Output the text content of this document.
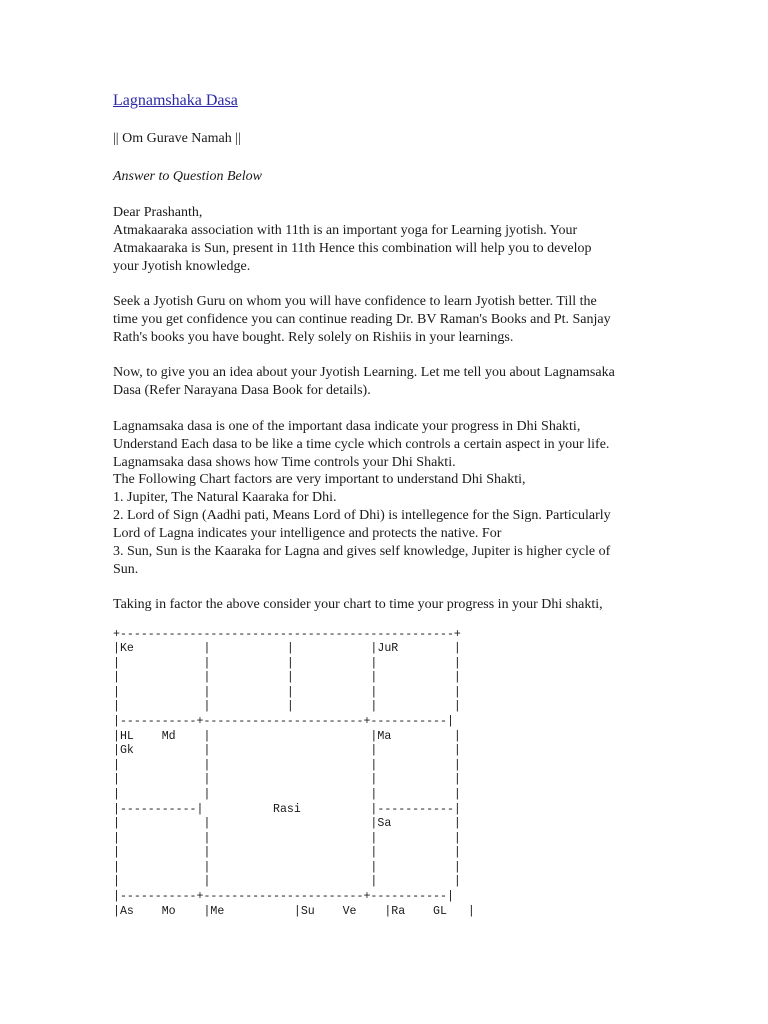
Lagnamshaka Dasa
|| Om Gurave Namah ||
Answer to Question Below
Dear Prashanth,
Atmakaaraka association with 11th is an important yoga for Learning jyotish. Your
Atmakaaraka is Sun, present in 11th Hence this combination will help you to develop
your Jyotish knowledge.
Seek a Jyotish Guru on whom you will have confidence to learn Jyotish better. Till the
time you get confidence you can continue reading Dr. BV Raman's Books and Pt. Sanjay
Rath's books you have bought. Rely solely on Rishiis in your learnings.
Now, to give you an idea about your Jyotish Learning. Let me tell you about Lagnamsaka
Dasa (Refer Narayana Dasa Book for details).
Lagnamsaka dasa is one of the important dasa indicate your progress in Dhi Shakti,
Understand Each dasa to be like a time cycle which controls a certain aspect in your life.
Lagnamsaka dasa shows how Time controls your Dhi Shakti.
The Following Chart factors are very important to understand Dhi Shakti,
1. Jupiter, The Natural Kaaraka for Dhi.
2. Lord of Sign (Aadhi pati, Means Lord of Dhi) is intellegence for the Sign. Particularly
Lord of Lagna indicates your intelligence and protects the native. For
3. Sun, Sun is the Kaaraka for Lagna and gives self knowledge, Jupiter is higher cycle of
Sun.
Taking in factor the above consider your chart to time your progress in your Dhi shakti,
+------------------------------------------------+
|Ke          |           |           |JuR        |
|            |           |           |           |
|            |           |           |           |
|            |           |           |           |
|            |           |           |           |
|-----------+-----------------------+-----------|
|HL    Md    |                       |Ma         |
|Gk          |                       |           |
|            |                       |           |
|            |                       |           |
|            |                       |           |
|-----------|          Rasi          |-----------|
|            |                       |Sa         |
|            |                       |           |
|            |                       |           |
|            |                       |           |
|            |                       |           |
|-----------+-----------------------+-----------|
|As    Mo    |Me          |Su    Ve    |Ra    GL   |
